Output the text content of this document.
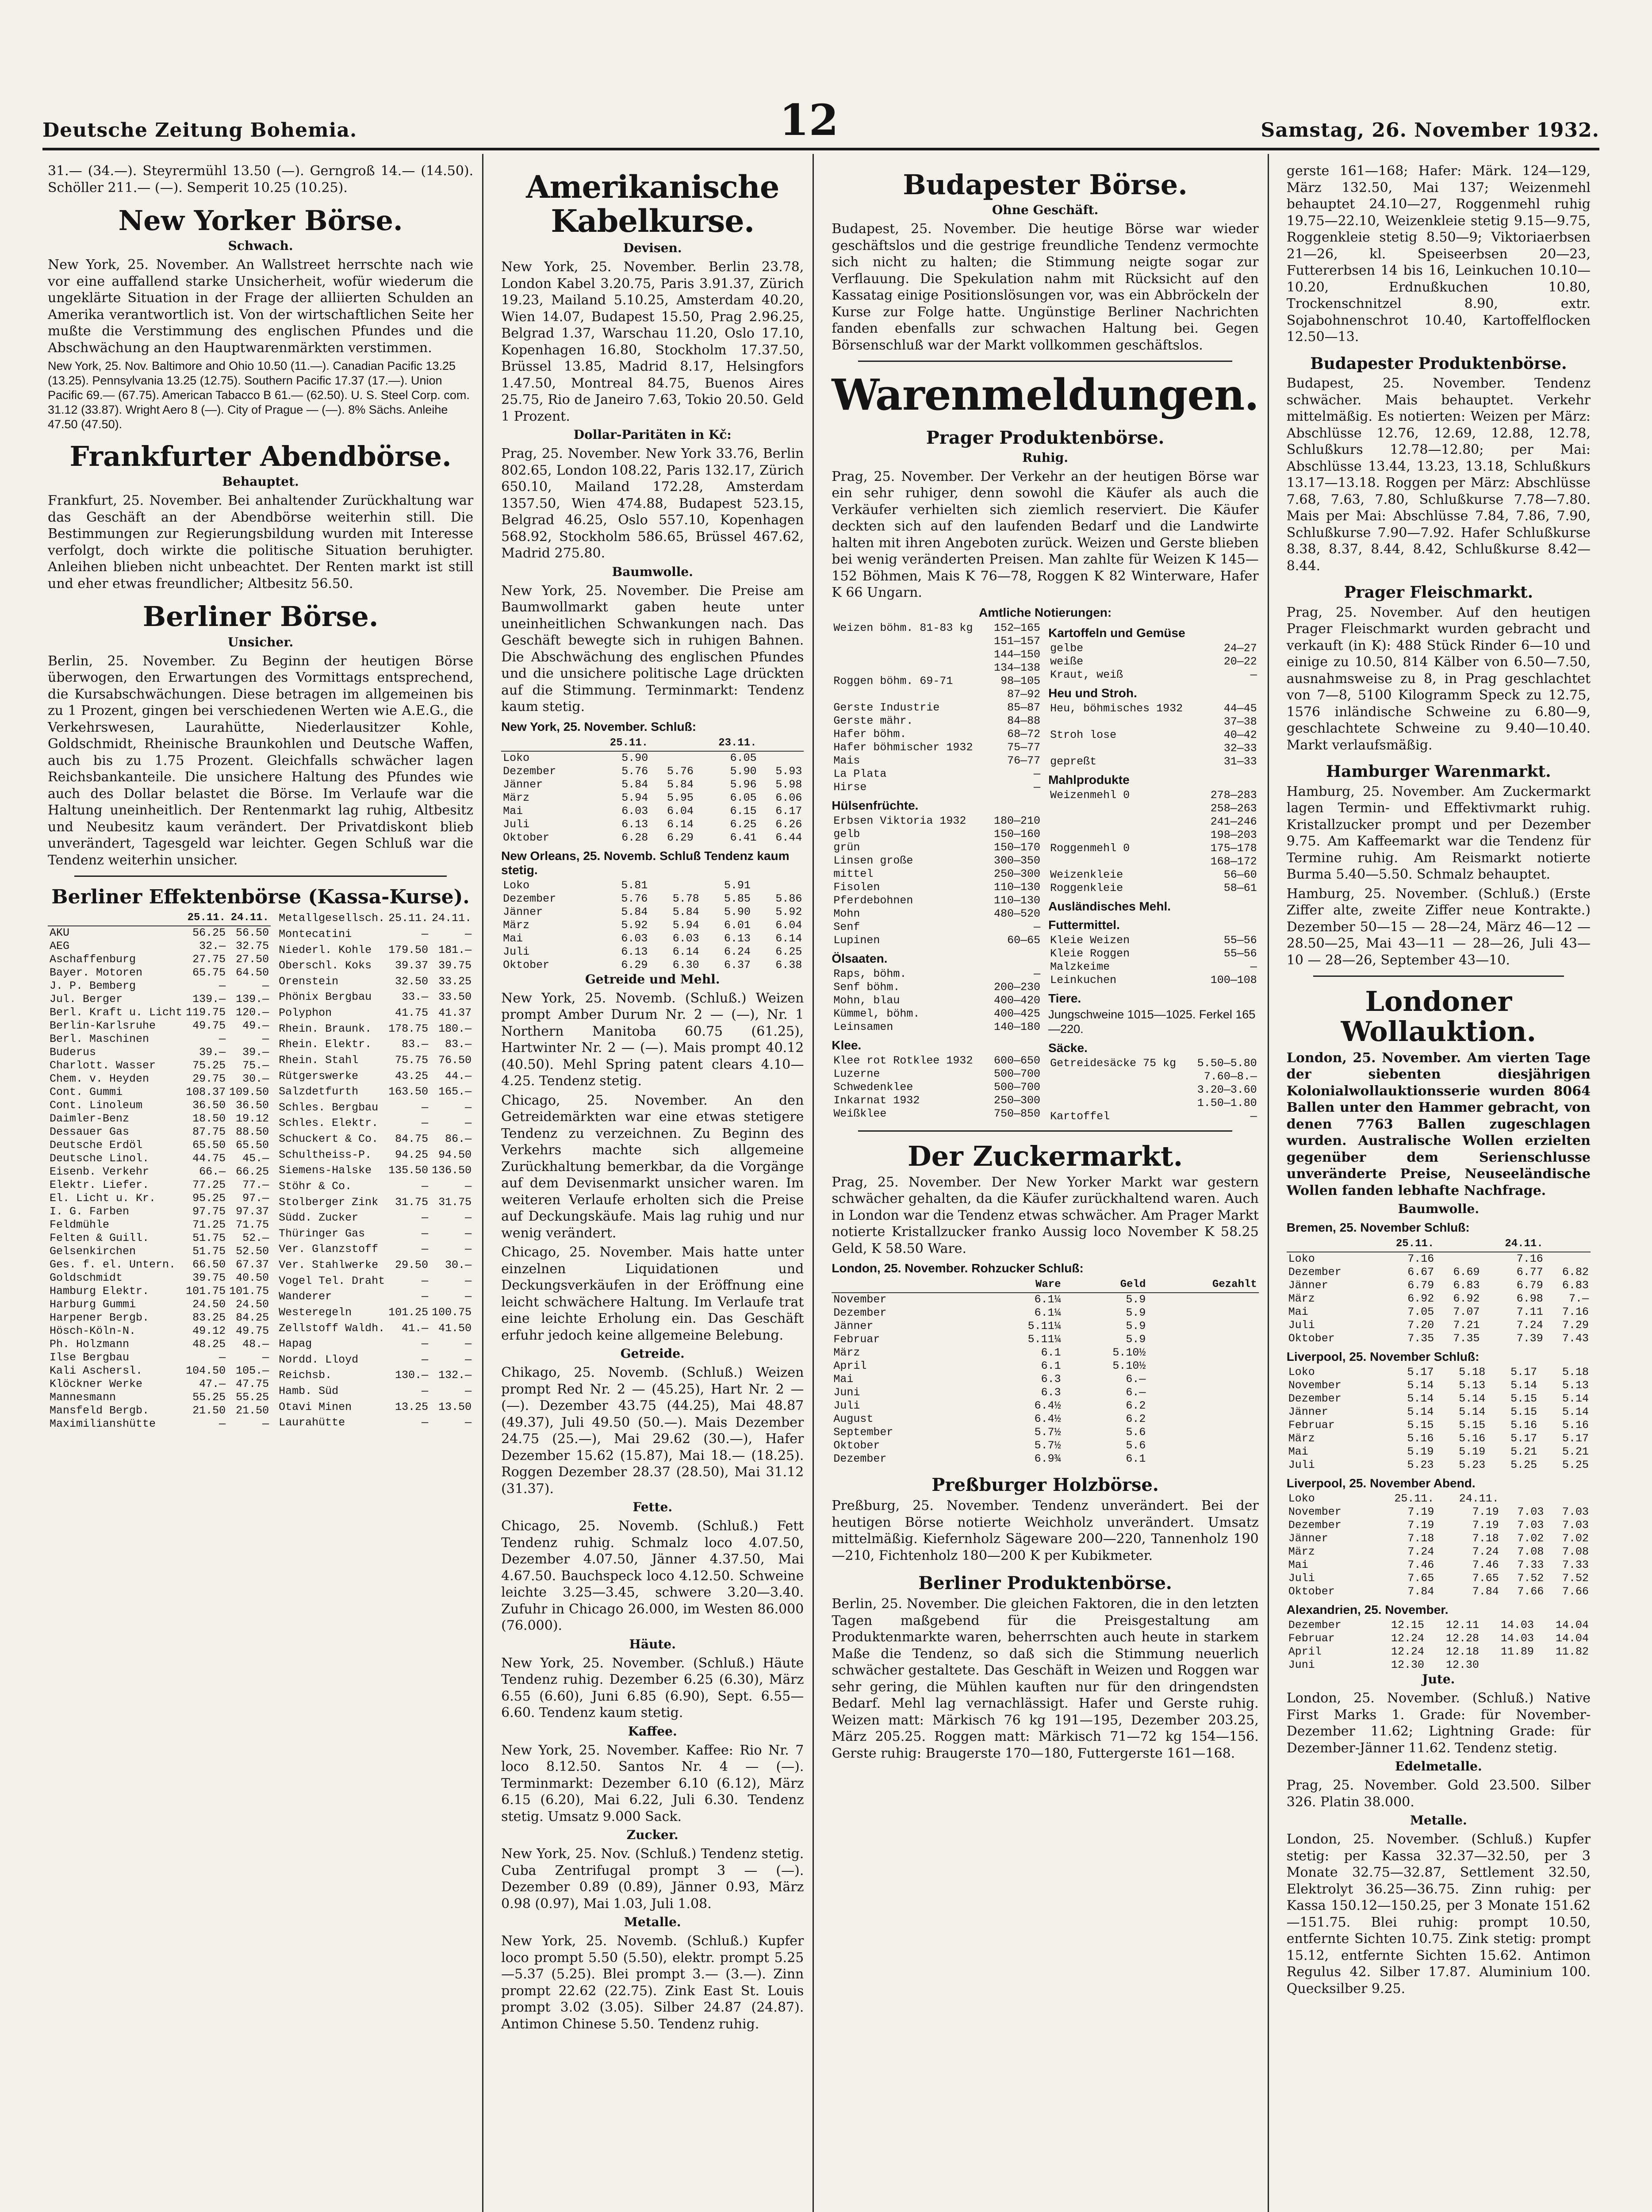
Deutsche Zeitung Bohemia.	12	Samstag, 26. November 1932.

31.— (34.—). Steyrermühl 13.50 (—). Gerngroß 14.— (14.50). Schöller 211.— (—). Semperit 10.25 (10.25).

New Yorker Börse.
Schwach.

New York, 25. November. An Wallstreet herrschte nach wie vor eine auffallend starke Unsicherheit, wofür wiederum die ungeklärte Situation in der Frage der alliierten Schulden an Amerika verantwortlich ist. Von der wirtschaftlichen Seite her mußte die Verstimmung des englischen Pfundes und die Abschwächung an den Hauptwarenmärkten verstimmen.

New York, 25. Nov. Baltimore and Ohio 10.50 (11.—). Canadian Pacific 13.25 (13.25). Pennsylvania 13.25 (12.75). Southern Pacific 17.37 (17.—). Union Pacific 69.— (67.75). American Tabacco B 61.— (62.50). U. S. Steel Corp. com. 31.12 (33.87). Wright Aero 8 (—). City of Prague — (—). 8% Sächs. Anleihe 47.50 (47.50).

Frankfurter Abendbörse.
Behauptet.

Frankfurt, 25. November. Bei anhaltender Zurückhaltung war das Geschäft an der Abendbörse weiterhin still. Die Bestimmungen zur Regierungsbildung wurden mit Interesse verfolgt, doch wirkte die politische Situation beruhigter. Anleihen blieben nicht unbeachtet. Der Renten markt ist still und eher etwas freundlicher; Altbesitz 56.50.

Berliner Börse.
Unsicher.

Berlin, 25. November. Zu Beginn der heutigen Börse überwogen, den Erwartungen des Vormittags entsprechend, die Kursabschwächungen. Diese betragen im allgemeinen bis zu 1 Prozent, gingen bei verschiedenen Werten wie A.E.G., die Verkehrswesen, Laurahütte, Niederlausitzer Kohle, Goldschmidt, Rheinische Braunkohlen und Deutsche Waffen, auch bis zu 1.75 Prozent. Gleichfalls schwächer lagen Reichsbankanteile. Die unsichere Haltung des Pfundes wie auch des Dollar belastet die Börse. Im Verlaufe war die Haltung uneinheitlich. Der Rentenmarkt lag ruhig, Altbesitz und Neubesitz kaum verändert. Der Privatdiskont blieb unverändert, Tagesgeld war leichter. Gegen Schluß war die Tendenz weiterhin unsicher.

Berliner Effektenbörse (Kassa-Kurse).
	25.11.	24.11.
AKU	56.25	56.50
AEG	32.—	32.75
Aschaffenburg	27.75	27.50
Bayer. Motoren	65.75	64.50
J. P. Bemberg	—	—
Jul. Berger	139.—	139.—
Berl. Kraft u. Licht	119.75	120.—
Berlin-Karlsruhe	49.75	49.—
Berl. Maschinen	—	—
Buderus	39.—	39.—
Charlott. Wasser	75.25	75.—
Chem. v. Heyden	29.75	30.—
Cont. Gummi	108.37	109.50
Cont. Linoleum	36.50	36.50
Daimler-Benz	18.50	19.12
Dessauer Gas	87.75	88.50
Deutsche Erdöl	65.50	65.50
Deutsche Linol.	44.75	45.—
Eisenb. Verkehr	66.—	66.25
Elektr. Liefer.	77.25	77.—
El. Licht u. Kr.	95.25	97.—
I. G. Farben	97.75	97.37
Feldmühle	71.25	71.75
Felten & Guill.	51.75	52.—
Gelsenkirchen	51.75	52.50
Ges. f. el. Untern.	66.50	67.37
Goldschmidt	39.75	40.50
Hamburg Elektr.	101.75	101.75
Harburg Gummi	24.50	24.50
Harpener Bergb.	83.25	84.25
Hösch-Köln-N.	49.12	49.75
Ph. Holzmann	48.25	48.—
Ilse Bergbau	—	—
Kali Aschersl.	104.50	105.—
Klöckner Werke	47.—	47.75
Mannesmann	55.25	55.25
Mansfeld Bergb.	21.50	21.50
Maximilianshütte	—	—
Metallgesellsch.	25.11.	24.11.
Montecatini	—	—
Niederl. Kohle	179.50	181.—
Oberschl. Koks	39.37	39.75
Orenstein	32.50	33.25
Phönix Bergbau	33.—	33.50
Polyphon	41.75	41.37
Rhein. Braunk.	178.75	180.—
Rhein. Elektr.	83.—	83.—
Rhein. Stahl	75.75	76.50
Rütgerswerke	43.25	44.—
Salzdetfurth	163.50	165.—
Schles. Bergbau	—	—
Schles. Elektr.	—	—
Schuckert & Co.	84.75	86.—
Schultheiss-P.	94.25	94.50
Siemens-Halske	135.50	136.50
Stöhr & Co.	—	—
Stolberger Zink	31.75	31.75
Südd. Zucker	—	—
Thüringer Gas	—	—
Ver. Glanzstoff	—	—
Ver. Stahlwerke	29.50	30.—
Vogel Tel. Draht	—	—
Wanderer	—	—
Westeregeln	101.25	100.75
Zellstoff Waldh.	41.—	41.50
Hapag	—	—
Nordd. Lloyd	—	—
Reichsb.	130.—	132.—
Hamb. Süd	—	—
Otavi Minen	13.25	13.50
Laurahütte	—	—
Amerikanische Kabelkurse.
Devisen.

New York, 25. November. Berlin 23.78, London Kabel 3.20.75, Paris 3.91.37, Zürich 19.23, Mailand 5.10.25, Amsterdam 40.20, Wien 14.07, Budapest 15.50, Prag 2.96.25, Belgrad 1.37, Warschau 11.20, Oslo 17.10, Kopenhagen 16.80, Stockholm 17.37.50, Brüssel 13.85, Madrid 8.17, Helsingfors 1.47.50, Montreal 84.75, Buenos Aires 25.75, Rio de Janeiro 7.63, Tokio 20.50. Geld 1 Prozent.

Dollar-Paritäten in Kč:

Prag, 25. November. New York 33.76, Berlin 802.65, London 108.22, Paris 132.17, Zürich 650.10, Mailand 172.28, Amsterdam 1357.50, Wien 474.88, Budapest 523.15, Belgrad 46.25, Oslo 557.10, Kopenhagen 568.92, Stockholm 586.65, Brüssel 467.62, Madrid 275.80.

Baumwolle.

New York, 25. November. Die Preise am Baumwollmarkt gaben heute unter uneinheitlichen Schwankungen nach. Das Geschäft bewegte sich in ruhigen Bahnen. Die Abschwächung des englischen Pfundes und die unsichere politische Lage drückten auf die Stimmung. Terminmarkt: Tendenz kaum stetig.

New York, 25. November. Schluß:
	25.11.		23.11.	
Loko	5.90		6.05	
Dezember	5.76	5.76	5.90	5.93
Jänner	5.84	5.84	5.96	5.98
März	5.94	5.95	6.05	6.06
Mai	6.03	6.04	6.15	6.17
Juli	6.13	6.14	6.25	6.26
Oktober	6.28	6.29	6.41	6.44
New Orleans, 25. Novemb. Schluß Tendenz kaum stetig.
Loko	5.81		5.91	
Dezember	5.76	5.78	5.85	5.86
Jänner	5.84	5.84	5.90	5.92
März	5.92	5.94	6.01	6.04
Mai	6.03	6.03	6.13	6.14
Juli	6.13	6.14	6.24	6.25
Oktober	6.29	6.30	6.37	6.38
Getreide und Mehl.

New York, 25. Novemb. (Schluß.) Weizen prompt Amber Durum Nr. 2 — (—), Nr. 1 Northern Manitoba 60.75 (61.25), Hartwinter Nr. 2 — (—). Mais prompt 40.12 (40.50). Mehl Spring patent clears 4.10—4.25. Tendenz stetig.

Chicago, 25. November. An den Getreidemärkten war eine etwas stetigere Tendenz zu verzeichnen. Zu Beginn des Verkehrs machte sich allgemeine Zurückhaltung bemerkbar, da die Vorgänge auf dem Devisenmarkt unsicher waren. Im weiteren Verlaufe erholten sich die Preise auf Deckungskäufe. Mais lag ruhig und nur wenig verändert.

Chicago, 25. November. Mais hatte unter einzelnen Liquidationen und Deckungsverkäufen in der Eröffnung eine leicht schwächere Haltung. Im Verlaufe trat eine leichte Erholung ein. Das Geschäft erfuhr jedoch keine allgemeine Belebung.

Getreide.

Chikago, 25. Novemb. (Schluß.) Weizen prompt Red Nr. 2 — (45.25), Hart Nr. 2 — (—). Dezember 43.75 (44.25), Mai 48.87 (49.37), Juli 49.50 (50.—). Mais Dezember 24.75 (25.—), Mai 29.62 (30.—), Hafer Dezember 15.62 (15.87), Mai 18.— (18.25). Roggen Dezember 28.37 (28.50), Mai 31.12 (31.37).

Fette.

Chicago, 25. Novemb. (Schluß.) Fett Tendenz ruhig. Schmalz loco 4.07.50, Dezember 4.07.50, Jänner 4.37.50, Mai 4.67.50. Bauchspeck loco 4.12.50. Schweine leichte 3.25—3.45, schwere 3.20—3.40. Zufuhr in Chicago 26.000, im Westen 86.000 (76.000).

Häute.

New York, 25. November. (Schluß.) Häute Tendenz ruhig. Dezember 6.25 (6.30), März 6.55 (6.60), Juni 6.85 (6.90), Sept. 6.55—6.60. Tendenz kaum stetig.

Kaffee.

New York, 25. November. Kaffee: Rio Nr. 7 loco 8.12.50. Santos Nr. 4 — (—). Terminmarkt: Dezember 6.10 (6.12), März 6.15 (6.20), Mai 6.22, Juli 6.30. Tendenz stetig. Umsatz 9.000 Sack.

Zucker.

New York, 25. Nov. (Schluß.) Tendenz stetig. Cuba Zentrifugal prompt 3 — (—). Dezember 0.89 (0.89), Jänner 0.93, März 0.98 (0.97), Mai 1.03, Juli 1.08.

Metalle.

New York, 25. Novemb. (Schluß.) Kupfer loco prompt 5.50 (5.50), elektr. prompt 5.25—5.37 (5.25). Blei prompt 3.— (3.—). Zinn prompt 22.62 (22.75). Zink East St. Louis prompt 3.02 (3.05). Silber 24.87 (24.87). Antimon Chinese 5.50. Tendenz ruhig.

Budapester Börse.
Ohne Geschäft.

Budapest, 25. November. Die heutige Börse war wieder geschäftslos und die gestrige freundliche Tendenz vermochte sich nicht zu halten; die Stimmung neigte sogar zur Verflauung. Die Spekulation nahm mit Rücksicht auf den Kassatag einige Positionslösungen vor, was ein Abbröckeln der Kurse zur Folge hatte. Ungünstige Berliner Nachrichten fanden ebenfalls zur schwachen Haltung bei. Gegen Börsenschluß war der Markt vollkommen geschäftslos.

Warenmeldungen.
Prager Produktenbörse.
Ruhig.

Prag, 25. November. Der Verkehr an der heutigen Börse war ein sehr ruhiger, denn sowohl die Käufer als auch die Verkäufer verhielten sich ziemlich reserviert. Die Käufer deckten sich auf den laufenden Bedarf und die Landwirte halten mit ihren Angeboten zurück. Weizen und Gerste blieben bei wenig veränderten Preisen. Man zahlte für Weizen K 145—152 Böhmen, Mais K 76—78, Roggen K 82 Winterware, Hafer K 66 Ungarn.

Amtliche Notierungen:
Weizen böhm. 81-83 kg	152—165
	151—157
	144—150
	134—138
Roggen böhm. 69-71	98—105
	87—92
Gerste Industrie	85—87
Gerste mähr.	84—88
Hafer böhm.	68—72
Hafer böhmischer 1932	75—77
Mais	76—77
La Plata	—
Hirse	—
Hülsenfrüchte.
Erbsen Viktoria 1932	180—210
gelb	150—160
grün	150—170
Linsen große	300—350
mittel	250—300
Fisolen	110—130
Pferdebohnen	110—130
Mohn	480—520
Senf	—
Lupinen	60—65
Ölsaaten.
Raps, böhm.	—
Senf böhm.	200—230
Mohn, blau	400—420
Kümmel, böhm.	400—425
Leinsamen	140—180
Klee.
Klee rot Rotklee 1932	600—650
Luzerne	500—700
Schwedenklee	500—700
Inkarnat 1932	250—300
Weißklee	750—850
Kartoffeln und Gemüse
gelbe	24—27
weiße	20—22
Kraut, weiß	—
Heu und Stroh.
Heu, böhmisches 1932	44—45
	37—38
Stroh lose	40—42
	32—33
gepreßt	31—33
Mahlprodukte
Weizenmehl 0	278—283
	258—263
	241—246
	198—203
Roggenmehl 0	175—178
	168—172
Weizenkleie	56—60
Roggenkleie	58—61
Ausländisches Mehl.
Futtermittel.
Kleie Weizen	55—56
Kleie Roggen	55—56
Malzkeime	—
Leinkuchen	100—108
Tiere.

Jungschweine 1015—1025. Ferkel 165—220.

Säcke.
Getreidesäcke 75 kg	5.50—5.80
	7.60—8.—
	3.20—3.60
	1.50—1.80
Kartoffel	—
Der Zuckermarkt.

Prag, 25. November. Der New Yorker Markt war gestern schwächer gehalten, da die Käufer zurückhaltend waren. Auch in London war die Tendenz etwas schwächer. Am Prager Markt notierte Kristallzucker franko Aussig loco November K 58.25 Geld, K 58.50 Ware.

London, 25. November. Rohzucker Schluß:
	Ware	Geld	Gezahlt
November	6.1¼	5.9	
Dezember	6.1¼	5.9	
Jänner	5.11¼	5.9	
Februar	5.11¼	5.9	
März	6.1	5.10½	
April	6.1	5.10½	
Mai	6.3	6.—	
Juni	6.3	6.—	
Juli	6.4½	6.2	
August	6.4½	6.2	
September	5.7½	5.6	
Oktober	5.7½	5.6	
Dezember	6.9¾	6.1	
Preßburger Holzbörse.

Preßburg, 25. November. Tendenz unverändert. Bei der heutigen Börse notierte Weichholz unverändert. Umsatz mittelmäßig. Kiefernholz Sägeware 200—220, Tannenholz 190—210, Fichtenholz 180—200 K per Kubikmeter.

Berliner Produktenbörse.

Berlin, 25. November. Die gleichen Faktoren, die in den letzten Tagen maßgebend für die Preisgestaltung am Produktenmarkte waren, beherrschten auch heute in starkem Maße die Tendenz, so daß sich die Stimmung neuerlich schwächer gestaltete. Das Geschäft in Weizen und Roggen war sehr gering, die Mühlen kauften nur für den dringendsten Bedarf. Mehl lag vernachlässigt. Hafer und Gerste ruhig. Weizen matt: Märkisch 76 kg 191—195, Dezember 203.25, März 205.25. Roggen matt: Märkisch 71—72 kg 154—156. Gerste ruhig: Braugerste 170—180, Futtergerste 161—168.

gerste 161—168; Hafer: Märk. 124—129, März 132.50, Mai 137; Weizenmehl behauptet 24.10—27, Roggenmehl ruhig 19.75—22.10, Weizenkleie stetig 9.15—9.75, Roggenkleie stetig 8.50—9; Viktoriaerbsen 21—26, kl. Speiseerbsen 20—23, Futtererbsen 14 bis 16, Leinkuchen 10.10—10.20, Erdnußkuchen 10.80, Trockenschnitzel 8.90, extr. Sojabohnenschrot 10.40, Kartoffelflocken 12.50—13.

Budapester Produktenbörse.

Budapest, 25. November. Tendenz schwächer. Mais behauptet. Verkehr mittelmäßig. Es notierten: Weizen per März: Abschlüsse 12.76, 12.69, 12.88, 12.78, Schlußkurs 12.78—12.80; per Mai: Abschlüsse 13.44, 13.23, 13.18, Schlußkurs 13.17—13.18. Roggen per März: Abschlüsse 7.68, 7.63, 7.80, Schlußkurse 7.78—7.80. Mais per Mai: Abschlüsse 7.84, 7.86, 7.90, Schlußkurse 7.90—7.92. Hafer Schlußkurse 8.38, 8.37, 8.44, 8.42, Schlußkurse 8.42—8.44.

Prager Fleischmarkt.

Prag, 25. November. Auf den heutigen Prager Fleischmarkt wurden gebracht und verkauft (in K): 488 Stück Rinder 6—10 und einige zu 10.50, 814 Kälber von 6.50—7.50, ausnahmsweise zu 8, in Prag geschlachtet von 7—8, 5100 Kilogramm Speck zu 12.75, 1576 inländische Schweine zu 6.80—9, geschlachtete Schweine zu 9.40—10.40. Markt verlaufsmäßig.

Hamburger Warenmarkt.

Hamburg, 25. November. Am Zuckermarkt lagen Termin- und Effektivmarkt ruhig. Kristallzucker prompt und per Dezember 9.75. Am Kaffeemarkt war die Tendenz für Termine ruhig. Am Reismarkt notierte Burma 5.40—5.50. Schmalz behauptet.

Hamburg, 25. November. (Schluß.) (Erste Ziffer alte, zweite Ziffer neue Kontrakte.) Dezember 50—15 — 28—24, März 46—12 — 28.50—25, Mai 43—11 — 28—26, Juli 43—10 — 28—26, September 43—10.

Londoner Wollauktion.

London, 25. November. Am vierten Tage der siebenten diesjährigen Kolonialwollauktionsserie wurden 8064 Ballen unter den Hammer gebracht, von denen 7763 Ballen zugeschlagen wurden. Australische Wollen erzielten gegenüber dem Serienschlusse unveränderte Preise, Neuseeländische Wollen fanden lebhafte Nachfrage.

Baumwolle.
Bremen, 25. November Schluß:
	25.11.		24.11.	
Loko	7.16		7.16	
Dezember	6.67	6.69	6.77	6.82
Jänner	6.79	6.83	6.79	6.83
März	6.92	6.92	6.98	7.—
Mai	7.05	7.07	7.11	7.16
Juli	7.20	7.21	7.24	7.29
Oktober	7.35	7.35	7.39	7.43
Liverpool, 25. November Schluß:
Loko	5.17	5.18	5.17	5.18
November	5.14	5.13	5.14	5.13
Dezember	5.14	5.14	5.15	5.14
Jänner	5.14	5.14	5.15	5.14
Februar	5.15	5.15	5.16	5.16
März	5.16	5.16	5.17	5.17
Mai	5.19	5.19	5.21	5.21
Juli	5.23	5.23	5.25	5.25
Liverpool, 25. November Abend.
Loko	25.11.	24.11.		
November	7.19	7.19	7.03	7.03
Dezember	7.19	7.19	7.03	7.03
Jänner	7.18	7.18	7.02	7.02
März	7.24	7.24	7.08	7.08
Mai	7.46	7.46	7.33	7.33
Juli	7.65	7.65	7.52	7.52
Oktober	7.84	7.84	7.66	7.66
Alexandrien, 25. November.
Dezember	12.15	12.11	14.03	14.04
Februar	12.24	12.28	14.03	14.04
April	12.24	12.18	11.89	11.82
Juni	12.30	12.30		
Jute.

London, 25. November. (Schluß.) Native First Marks 1. Grade: für November-Dezember 11.62; Lightning Grade: für Dezember-Jänner 11.62. Tendenz stetig.

Edelmetalle.

Prag, 25. November. Gold 23.500. Silber 326. Platin 38.000.

Metalle.

London, 25. November. (Schluß.) Kupfer stetig: per Kassa 32.37—32.50, per 3 Monate 32.75—32.87, Settlement 32.50, Elektrolyt 36.25—36.75. Zinn ruhig: per Kassa 150.12—150.25, per 3 Monate 151.62—151.75. Blei ruhig: prompt 10.50, entfernte Sichten 10.75. Zink stetig: prompt 15.12, entfernte Sichten 15.62. Antimon Regulus 42. Silber 17.87. Aluminium 100. Quecksilber 9.25.
